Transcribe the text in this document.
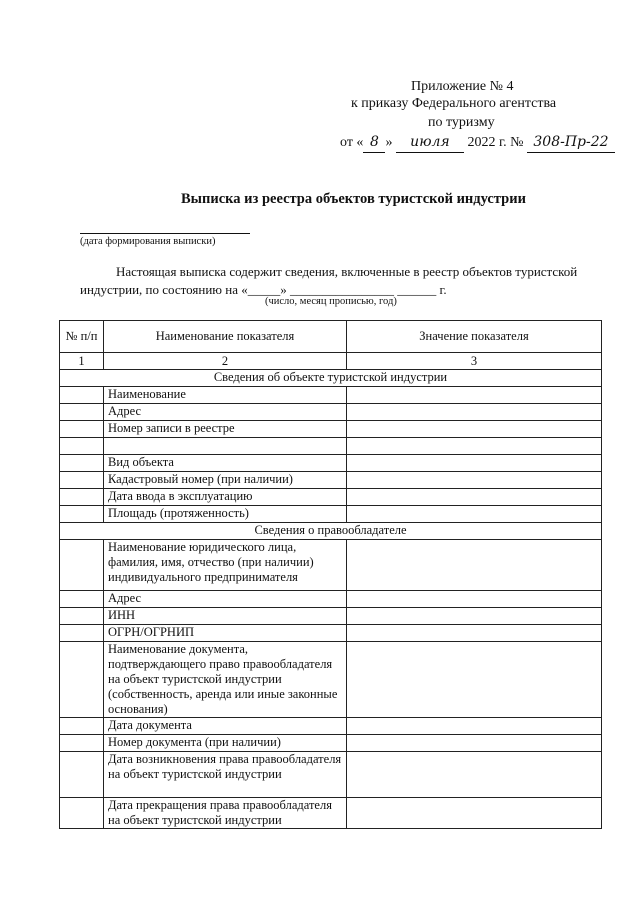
Приложение № 4
к приказу Федерального агентства
по туризму
от « 8 » июля 2022 г. № 308-Пр-22
Выписка из реестра объектов туристской индустрии
(дата формирования выписки)
Настоящая выписка содержит сведения, включенные в реестр объектов туристской
индустрии, по состоянию на «_____» ________________ ______ г.
(число, месяц прописью, год)
№ п/п	Наименование показателя	Значение показателя
1	2	3
Сведения об объекте туристской индустрии		
	Наименование	
	Адрес	
	Номер записи в реестре	

	Вид объекта	
	Кадастровый номер (при наличии)	
	Дата ввода в эксплуатацию	
	Площадь (протяженность)	
Сведения о правообладателе		
	Наименование юридического лица, фамилия, имя, отчество (при наличии) индивидуального предпринимателя	
	Адрес	
	ИНН	
	ОГРН/ОГРНИП	
	Наименование документа, подтверждающего право правообладателя на объект туристской индустрии (собственность, аренда или иные законные основания)	
	Дата документа	
	Номер документа (при наличии)	
	Дата возникновения права правообладателя на объект туристской индустрии	
	Дата прекращения права правообладателя на объект туристской индустрии	
